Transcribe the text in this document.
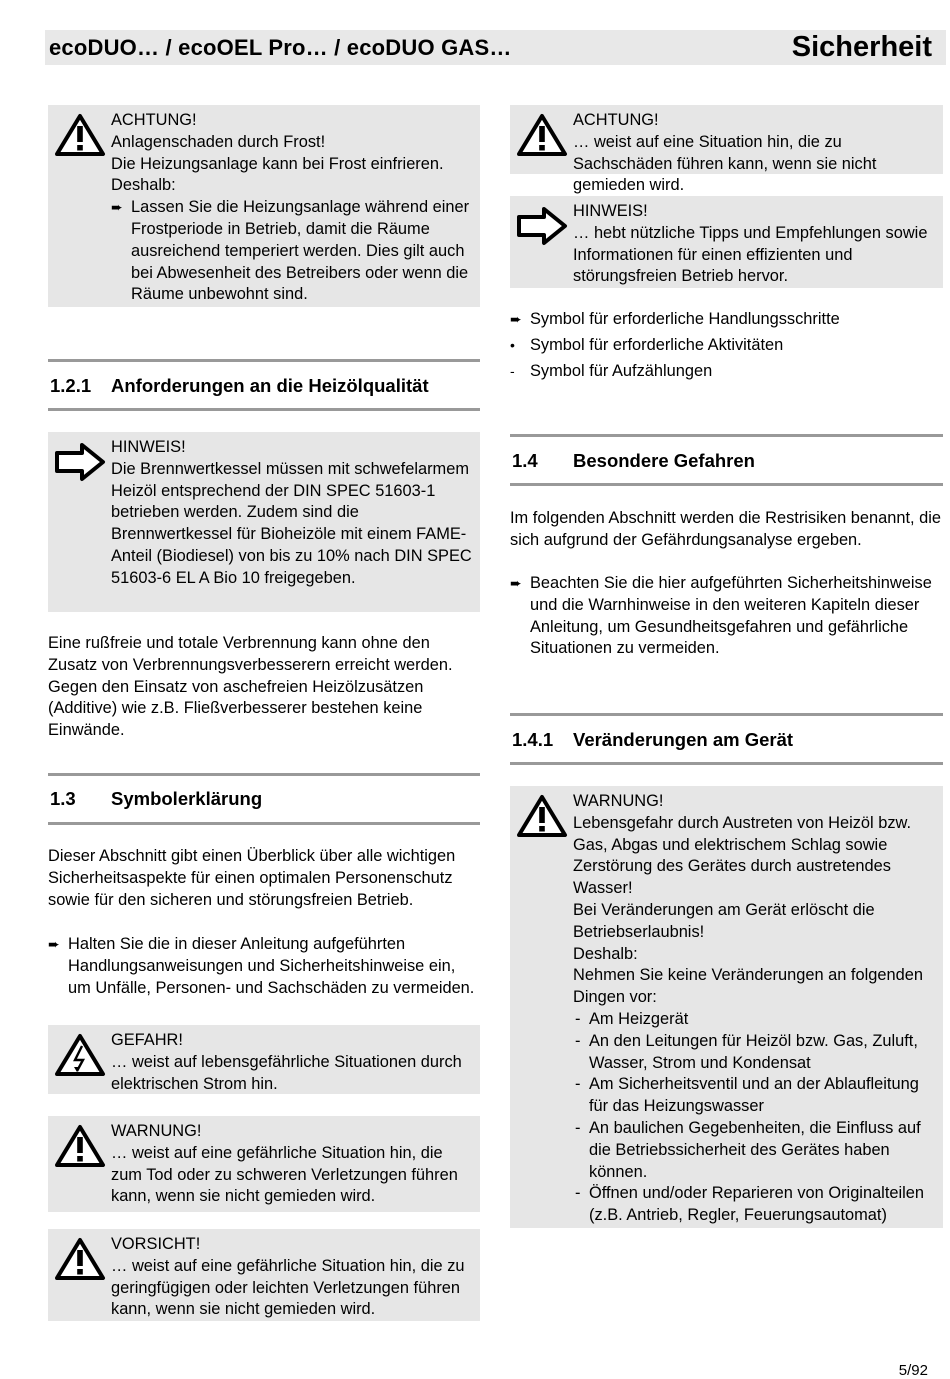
ecoDUO… / ecoOEL Pro… / ecoDUO GAS…	Sicherheit

ACHTUNG!

Anlagenschaden durch Frost!

Die Heizungsanlage kann bei Frost einfrieren.

Deshalb:

➨ Lassen Sie die Heizungsanlage während einer Frostperiode in Betrieb, damit die Räume ausreichend temperiert werden. Dies gilt auch bei Abwesenheit des Betreibers oder wenn die Räume unbewohnt sind.
1.2.1 Anforderungen an die Heizölqualität

HINWEIS!

Die Brennwertkessel müssen mit schwefelarmem Heizöl entsprechend der DIN SPEC 51603-1 betrieben werden. Zudem sind die Brennwertkessel für Bioheizöle mit einem FAME-Anteil (Biodiesel) von bis zu 10% nach DIN SPEC 51603-6 EL A Bio 10 freigegeben.

Eine rußfreie und totale Verbrennung kann ohne den Zusatz von Verbrennungsverbesserern erreicht werden. Gegen den Einsatz von aschefreien Heizölzusätzen (Additive) wie z.B. Fließverbesserer bestehen keine Einwände.

1.3 Symbolerklärung

Dieser Abschnitt gibt einen Überblick über alle wichtigen Sicherheitsaspekte für einen optimalen Personenschutz sowie für den sicheren und störungsfreien Betrieb.

➨ Halten Sie die in dieser Anleitung aufgeführten Handlungsanweisungen und Sicherheitshinweise ein, um Unfälle, Personen- und Sachschäden zu vermeiden.

GEFAHR!

… weist auf lebensgefährliche Situationen durch elektrischen Strom hin.

WARNUNG!

… weist auf eine gefährliche Situation hin, die zum Tod oder zu schweren Verletzungen führen kann, wenn sie nicht gemieden wird.

VORSICHT!

… weist auf eine gefährliche Situation hin, die zu geringfügigen oder leichten Verletzungen führen kann, wenn sie nicht gemieden wird.

ACHTUNG!

… weist auf eine Situation hin, die zu Sachschäden führen kann, wenn sie nicht gemieden wird.

HINWEIS!

… hebt nützliche Tipps und Empfehlungen sowie Informationen für einen effizienten und störungsfreien Betrieb hervor.

➨ Symbol für erforderliche Handlungsschritte
• Symbol für erforderliche Aktivitäten
- Symbol für Aufzählungen
1.4 Besondere Gefahren

Im folgenden Abschnitt werden die Restrisiken benannt, die sich aufgrund der Gefährdungsanalyse ergeben.

➨ Beachten Sie die hier aufgeführten Sicherheitshinweise und die Warnhinweise in den weiteren Kapiteln dieser Anleitung, um Gesundheitsgefahren und gefährliche Situationen zu vermeiden.
1.4.1 Veränderungen am Gerät

WARNUNG!

Lebensgefahr durch Austreten von Heizöl bzw. Gas, Abgas und elektrischem Schlag sowie Zerstörung des Gerätes durch austretendes Wasser!

Bei Veränderungen am Gerät erlöscht die Betriebserlaubnis!

Deshalb:

Nehmen Sie keine Veränderungen an folgenden Dingen vor:

- Am Heizgerät
- An den Leitungen für Heizöl bzw. Gas, Zuluft, Wasser, Strom und Kondensat
- Am Sicherheitsventil und an der Ablaufleitung für das Heizungswasser
- An baulichen Gegebenheiten, die Einfluss auf die Betriebssicherheit des Gerätes haben können.
- Öffnen und/oder Reparieren von Originalteilen (z.B. Antrieb, Regler, Feuerungsautomat)
5/92
